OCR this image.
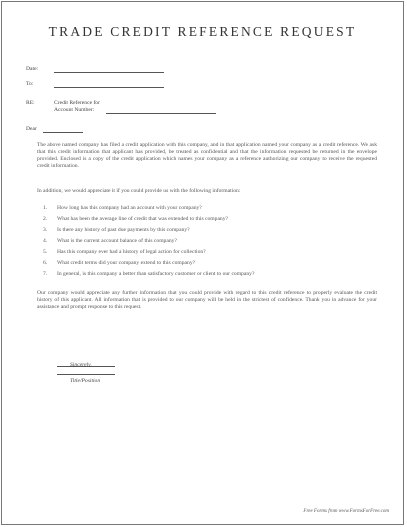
TRADE CREDIT REFERENCE REQUEST
Date:
To:
RE:	Credit Reference for
Account Number:
Dear
The above named company has filed a credit application with this company, and in that application named your company as a credit reference. We ask that this credit information that applicant has provided, be treated as confidential and that the information requested be returned in the envelope provided. Enclosed is a copy of the credit application which names your company as a reference authorizing our company to receive the requested credit information.
In addition, we would appreciate it if you could provide us with the following information:
1. How long has this company had an account with your company?
2. What has been the average line of credit that was extended to this company?
3. Is there any history of past due payments by this company?
4. What is the current account balance of this company?
5. Has this company ever had a history of legal action for collection?
6. What credit terms did your company extend to this company?
7. In general, is this company a better than satisfactory customer or client to our company?
Our company would appreciate any further information that you could provide with regard to this credit reference to properly evaluate the credit history of this applicant. All information that is provided to our company will be held in the strictest of confidence. Thank you in advance for your assistance and prompt response to this request.
Sincerely,
Title/Position
Free Forms from www.FormsForFree.com
